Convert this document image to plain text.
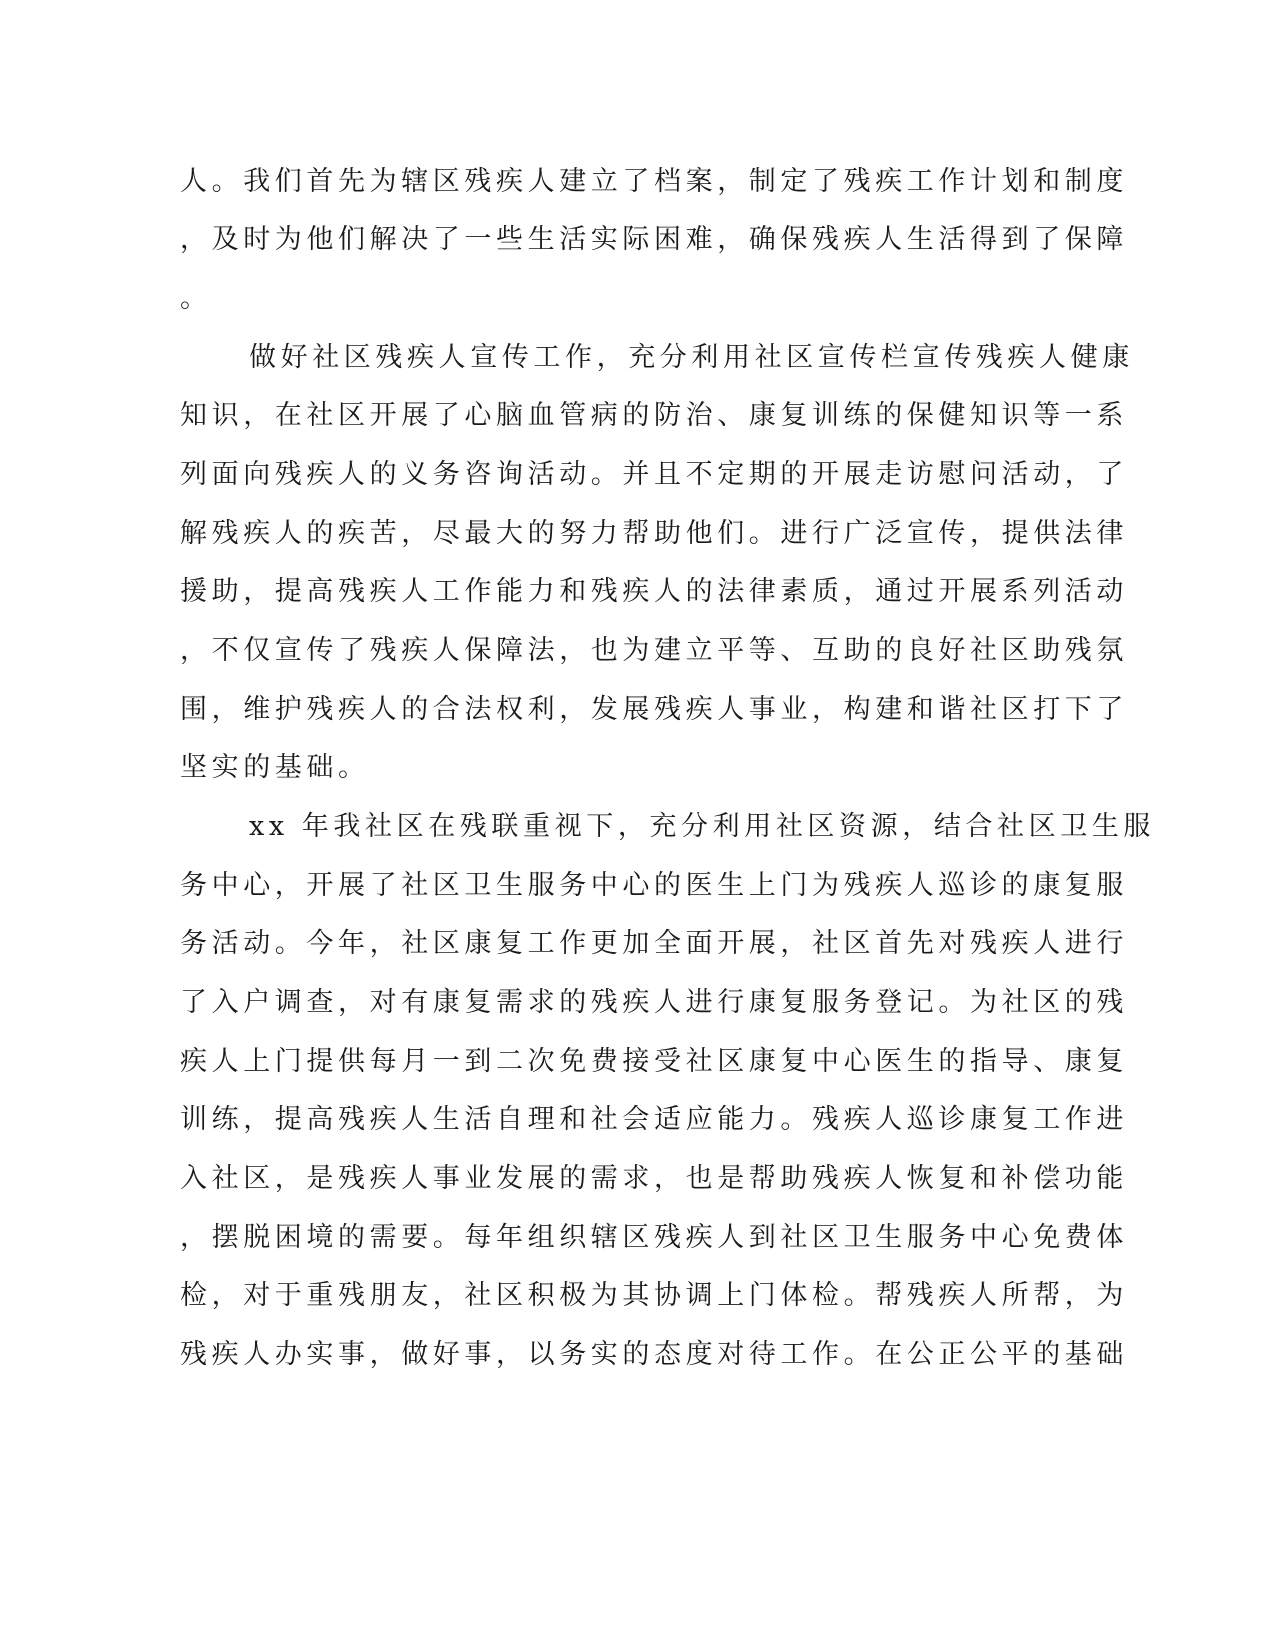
人。我们首先为辖区残疾人建立了档案，制定了残疾工作计划和制度
，及时为他们解决了一些生活实际困难，确保残疾人生活得到了保障
。
做好社区残疾人宣传工作，充分利用社区宣传栏宣传残疾人健康
知识，在社区开展了心脑血管病的防治、康复训练的保健知识等一系
列面向残疾人的义务咨询活动。并且不定期的开展走访慰问活动，了
解残疾人的疾苦，尽最大的努力帮助他们。进行广泛宣传，提供法律
援助，提高残疾人工作能力和残疾人的法律素质，通过开展系列活动
，不仅宣传了残疾人保障法，也为建立平等、互助的良好社区助残氛
围，维护残疾人的合法权利，发展残疾人事业，构建和谐社区打下了
坚实的基础。
xx 年我社区在残联重视下，充分利用社区资源，结合社区卫生服
务中心，开展了社区卫生服务中心的医生上门为残疾人巡诊的康复服
务活动。今年，社区康复工作更加全面开展，社区首先对残疾人进行
了入户调查，对有康复需求的残疾人进行康复服务登记。为社区的残
疾人上门提供每月一到二次免费接受社区康复中心医生的指导、康复
训练，提高残疾人生活自理和社会适应能力。残疾人巡诊康复工作进
入社区，是残疾人事业发展的需求，也是帮助残疾人恢复和补偿功能
，摆脱困境的需要。每年组织辖区残疾人到社区卫生服务中心免费体
检，对于重残朋友，社区积极为其协调上门体检。帮残疾人所帮，为
残疾人办实事，做好事，以务实的态度对待工作。在公正公平的基础
